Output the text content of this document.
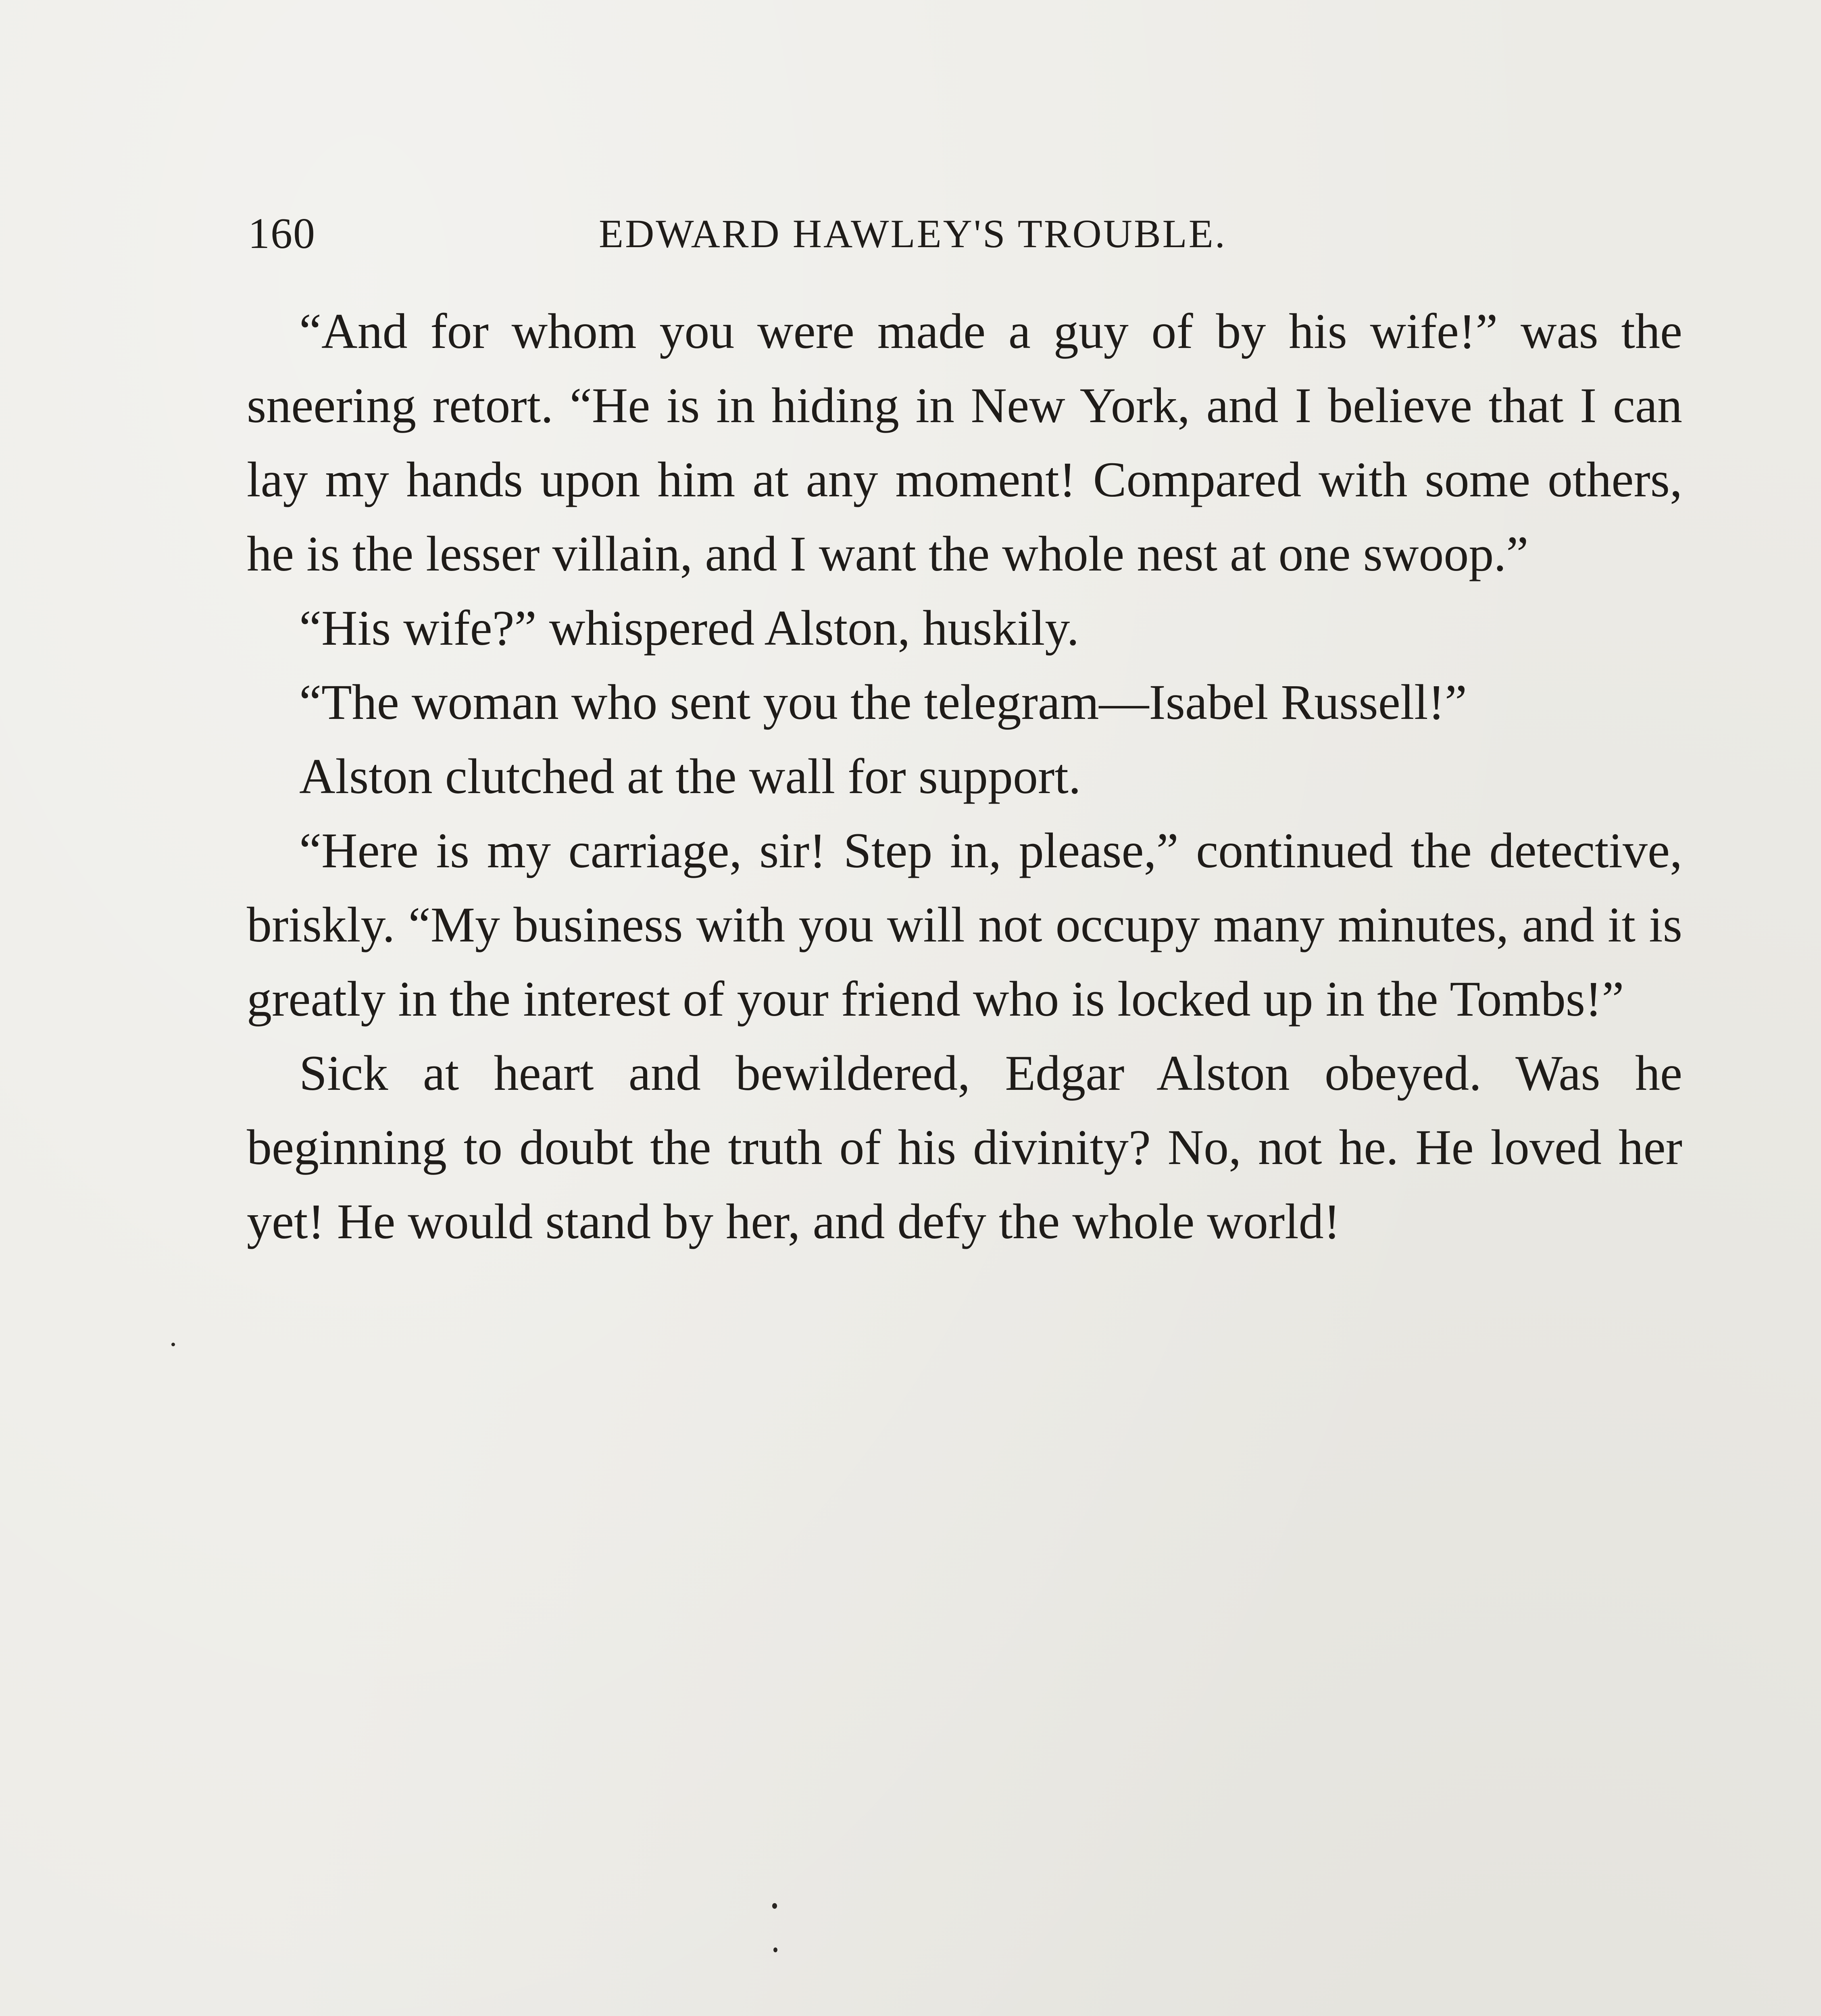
160	EDWARD HAWLEY'S TROUBLE.

“And for whom you were made a guy of by his wife!” was the sneering retort. “He is in hiding in New York, and I believe that I can lay my hands upon him at any moment! Compared with some others, he is the lesser villain, and I want the whole nest at one swoop.”

“His wife?” whispered Alston, huskily.

“The woman who sent you the telegram—Isabel Russell!”

Alston clutched at the wall for support.

“Here is my carriage, sir! Step in, please,” continued the detective, briskly. “My business with you will not occupy many minutes, and it is greatly in the interest of your friend who is locked up in the Tombs!”

Sick at heart and bewildered, Edgar Alston obeyed. Was he beginning to doubt the truth of his divinity? No, not he. He loved her yet! He would stand by her, and defy the whole world!
